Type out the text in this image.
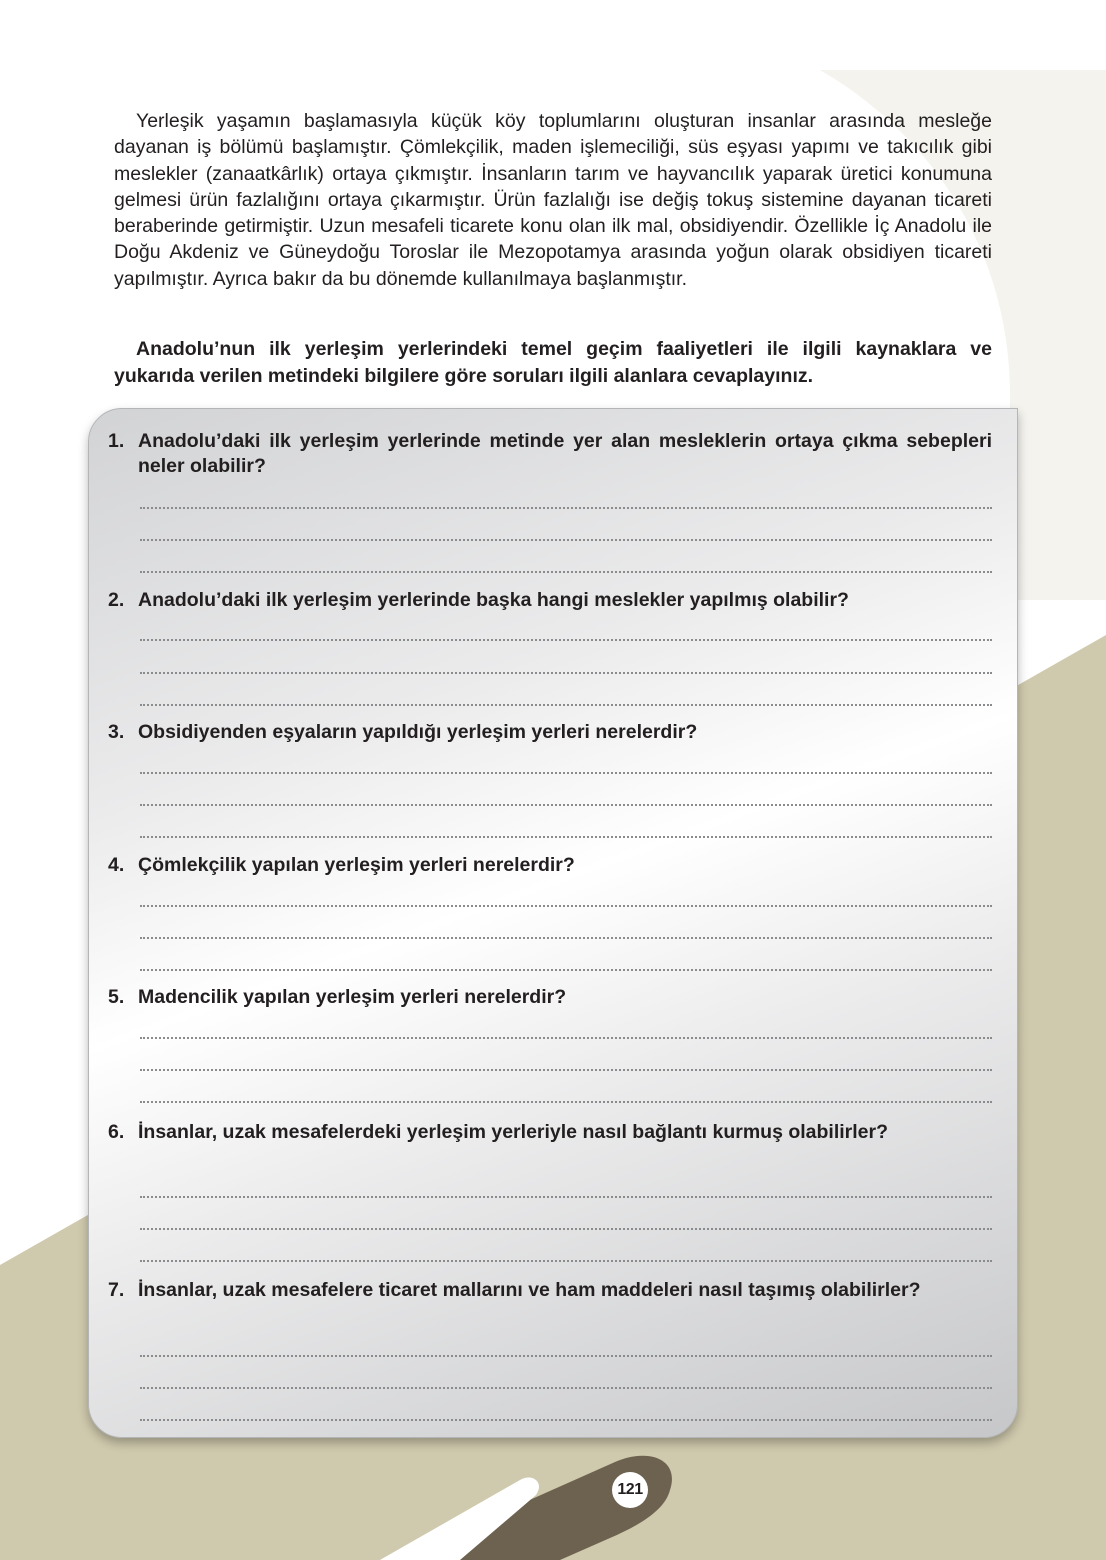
Yerleşik yaşamın başlamasıyla küçük köy toplumlarını oluşturan insanlar arasında mesleğe dayanan iş bölümü başlamıştır. Çömlekçilik, maden işlemeciliği, süs eşyası yapımı ve takıcılık gibi meslekler (zanaatkârlık) ortaya çıkmıştır. İnsanların tarım ve hayvancılık yaparak üretici konumuna gelmesi ürün fazlalığını ortaya çıkarmıştır. Ürün fazlalığı ise değiş tokuş sistemine dayanan ticareti beraberinde getirmiştir. Uzun mesafeli ticarete konu olan ilk mal, obsidiyendir. Özellikle İç Anadolu ile Doğu Akdeniz ve Güneydoğu Toroslar ile Mezopotamya arasında yoğun olarak obsidiyen ticareti yapılmıştır. Ayrıca bakır da bu dönemde kullanılmaya başlanmıştır.

Anadolu’nun ilk yerleşim yerlerindeki temel geçim faaliyetleri ile ilgili kaynaklara ve yukarıda verilen metindeki bilgilere göre soruları ilgili alanlara cevaplayınız.

1. Anadolu’daki ilk yerleşim yerlerinde metinde yer alan mesleklerin ortaya çıkma sebepleri neler olabilir?
2. Anadolu’daki ilk yerleşim yerlerinde başka hangi meslekler yapılmış olabilir?
3. Obsidiyenden eşyaların yapıldığı yerleşim yerleri nerelerdir?
4. Çömlekçilik yapılan yerleşim yerleri nerelerdir?
5. Madencilik yapılan yerleşim yerleri nerelerdir?
6. İnsanlar, uzak mesafelerdeki yerleşim yerleriyle nasıl bağlantı kurmuş olabilirler?
7. İnsanlar, uzak mesafelere ticaret mallarını ve ham maddeleri nasıl taşımış olabilirler?
121
